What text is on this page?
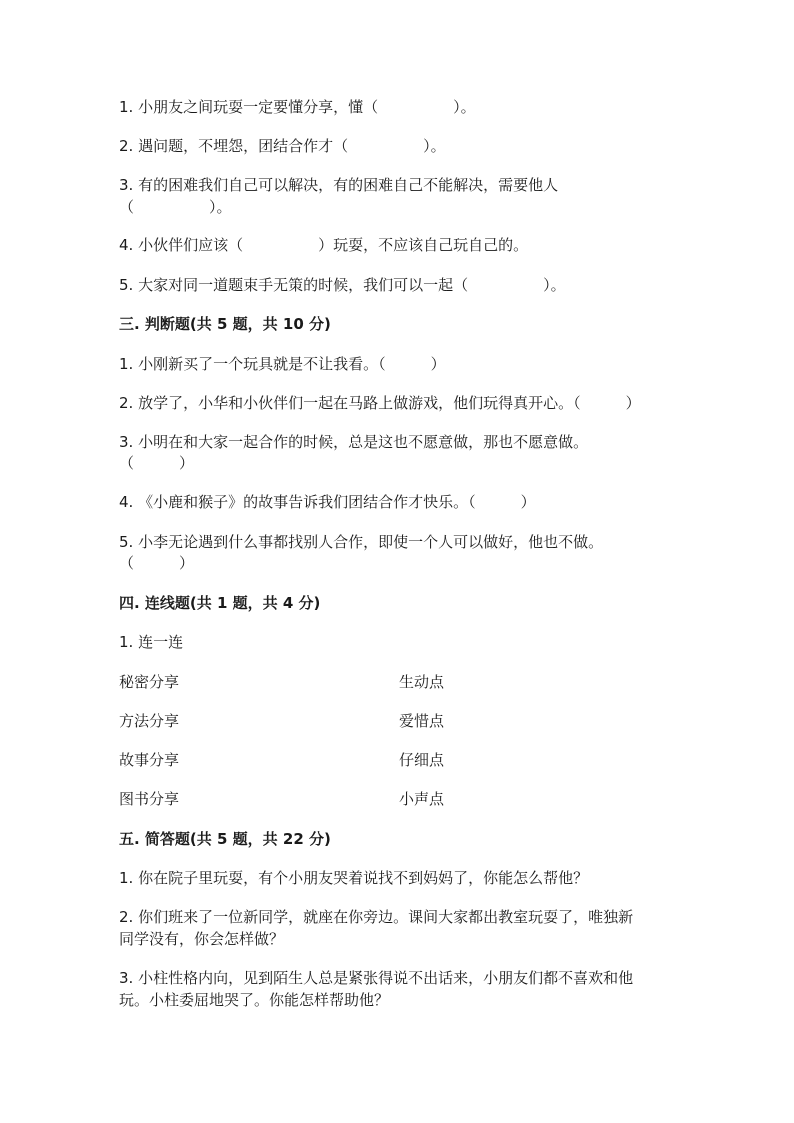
1. 小朋友之间玩耍一定要懂分享，懂（　　　　　）。
2. 遇问题，不埋怨，团结合作才（　　　　　）。
3. 有的困难我们自己可以解决，有的困难自己不能解决，需要他人
（　　　　　）。
4. 小伙伴们应该（　　　　　）玩耍，不应该自己玩自己的。
5. 大家对同一道题束手无策的时候，我们可以一起（　　　　　）。
三. 判断题(共 5 题，共 10 分)
1. 小刚新买了一个玩具就是不让我看。（　　　）
2. 放学了，小华和小伙伴们一起在马路上做游戏，他们玩得真开心。（　　　）
3. 小明在和大家一起合作的时候，总是这也不愿意做，那也不愿意做。
（　　　）
4. 《小鹿和猴子》的故事告诉我们团结合作才快乐。（　　　）
5. 小李无论遇到什么事都找别人合作，即使一个人可以做好，他也不做。
（　　　）
四. 连线题(共 1 题，共 4 分)
1. 连一连
秘密分享	生动点
方法分享	爱惜点
故事分享	仔细点
图书分享	小声点
五. 简答题(共 5 题，共 22 分)
1. 你在院子里玩耍，有个小朋友哭着说找不到妈妈了，你能怎么帮他？
2. 你们班来了一位新同学，就座在你旁边。课间大家都出教室玩耍了，唯独新
同学没有，你会怎样做？
3. 小柱性格内向，见到陌生人总是紧张得说不出话来，小朋友们都不喜欢和他
玩。小柱委屈地哭了。你能怎样帮助他？
